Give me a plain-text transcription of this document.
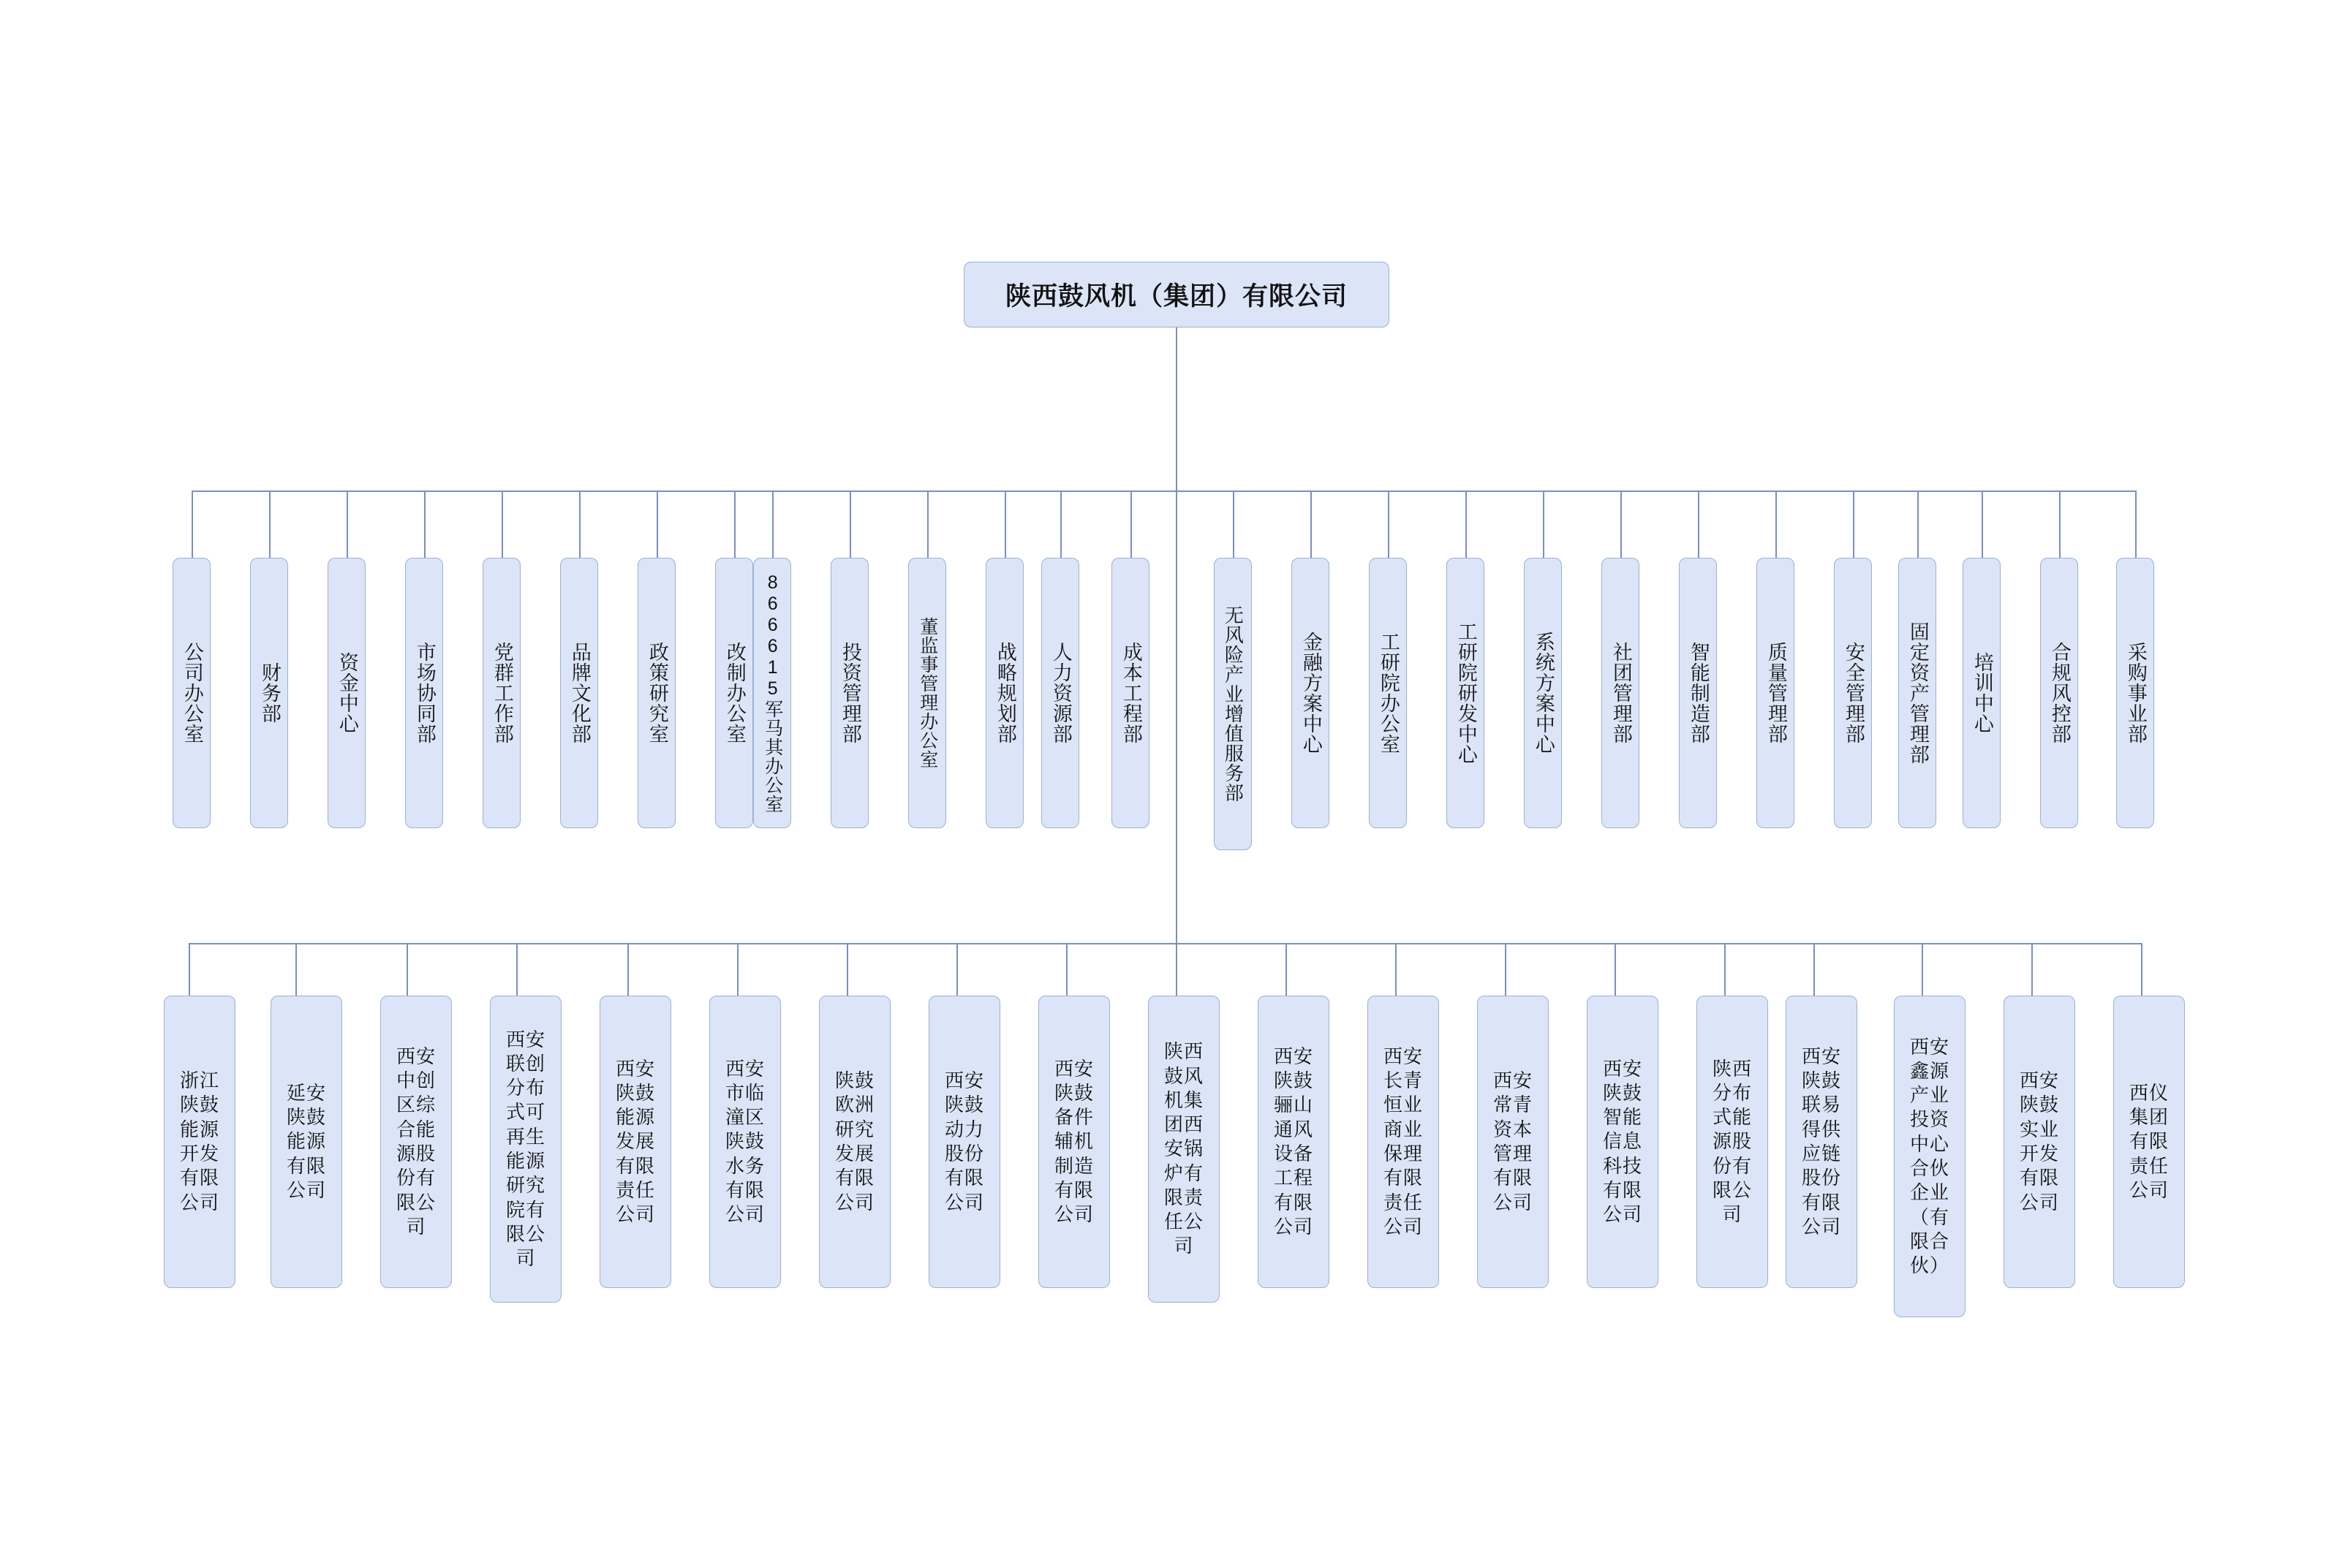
陕西鼓风机（集团）有限公司
公司办公室	财务部	资金中心	市场协同部	党群工作部	品牌文化部	政策研究室	改制办公室 866615军马其办公室	投资管理部	董监事管理办公室	战略规划部 人力资源部 成本工程部	无风险产业增值服务部	金融方案中心	工研院办公室	工研院研发中心	系统方案中心	社团管理部	智能制造部	质量管理部	安全管理部 固定资产管理部 培训中心	合规风控部	采购事业部
浙江陕鼓能源开发有限公司
延安陕鼓能源有限公司
西安中创区综合能源股份有限公司
西安联创分布式可再生能源研究院有限公司
西安陕鼓能源发展有限责任公司
西安市临潼区陕鼓水务有限公司
陕鼓欧洲研究发展有限公司
西安陕鼓动力股份有限公司
西安陕鼓备件辅机制造有限公司
陕西鼓风机集团西安锅炉有限责任公司
西安陕鼓骊山通风设备工程有限公司
西安长青恒业商业保理有限责任公司
西安常青资本管理有限公司
西安陕鼓智能信息科技有限公司
陕西分布式能源股份有限公司
西安陕鼓联易得供应链股份有限公司
西安鑫源产业投资中心合伙企业（有限合伙）
西安陕鼓实业开发有限公司
西仪集团有限责任公司
